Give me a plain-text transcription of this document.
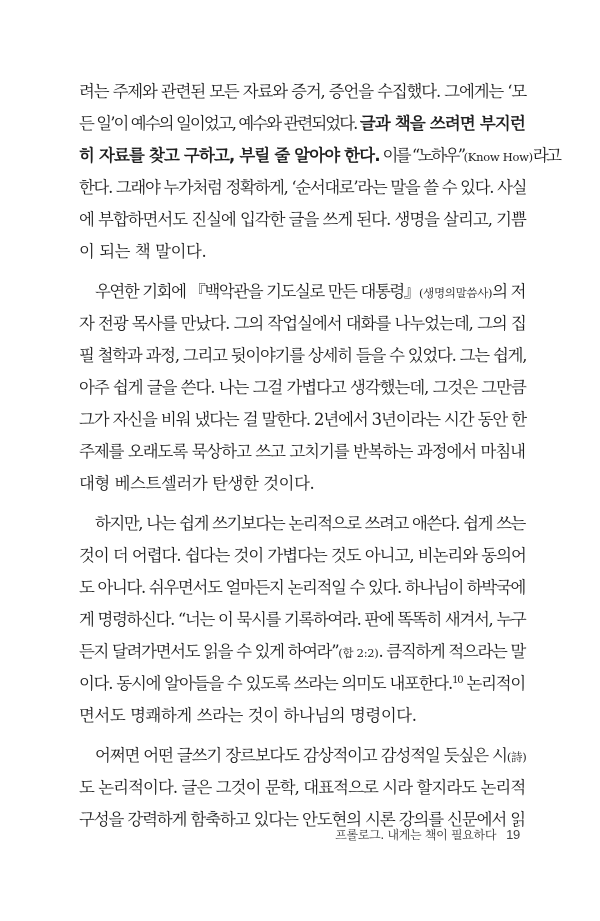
려는 주제와 관련된 모든 자료와 증거, 증언을 수집했다. 그에게는 ‘모
든 일’이 예수의 일이었고, 예수와 관련되었다. 글과 책을 쓰려면 부지런
히 자료를 찾고 구하고, 부릴 줄 알아야 한다. 이를 “노하우”(Know How)라고
한다. 그래야 누가처럼 정확하게, ‘순서대로’라는 말을 쓸 수 있다. 사실
에 부합하면서도 진실에 입각한 글을 쓰게 된다. 생명을 살리고, 기쁨
이 되는 책 말이다.
우연한 기회에 『백악관을 기도실로 만든 대통령』(생명의말씀사)의 저
자 전광 목사를 만났다. 그의 작업실에서 대화를 나누었는데, 그의 집
필 철학과 과정, 그리고 뒷이야기를 상세히 들을 수 있었다. 그는 쉽게,
아주 쉽게 글을 쓴다. 나는 그걸 가볍다고 생각했는데, 그것은 그만큼
그가 자신을 비워 냈다는 걸 말한다. 2년에서 3년이라는 시간 동안 한
주제를 오래도록 묵상하고 쓰고 고치기를 반복하는 과정에서 마침내
대형 베스트셀러가 탄생한 것이다.
하지만, 나는 쉽게 쓰기보다는 논리적으로 쓰려고 애쓴다. 쉽게 쓰는
것이 더 어렵다. 쉽다는 것이 가볍다는 것도 아니고, 비논리와 동의어
도 아니다. 쉬우면서도 얼마든지 논리적일 수 있다. 하나님이 하박국에
게 명령하신다. “너는 이 묵시를 기록하여라. 판에 똑똑히 새겨서, 누구
든지 달려가면서도 읽을 수 있게 하여라”(합 2:2). 큼직하게 적으라는 말
이다. 동시에 알아들을 수 있도록 쓰라는 의미도 내포한다.$^{10}$ 논리적이
면서도 명쾌하게 쓰라는 것이 하나님의 명령이다.
어쩌면 어떤 글쓰기 장르보다도 감상적이고 감성적일 듯싶은 시(詩)
도 논리적이다. 글은 그것이 문학, 대표적으로 시라 할지라도 논리적
구성을 강력하게 함축하고 있다는 안도현의 시론 강의를 신문에서 읽
프롤로그. 내게는 책이 필요하다 19
